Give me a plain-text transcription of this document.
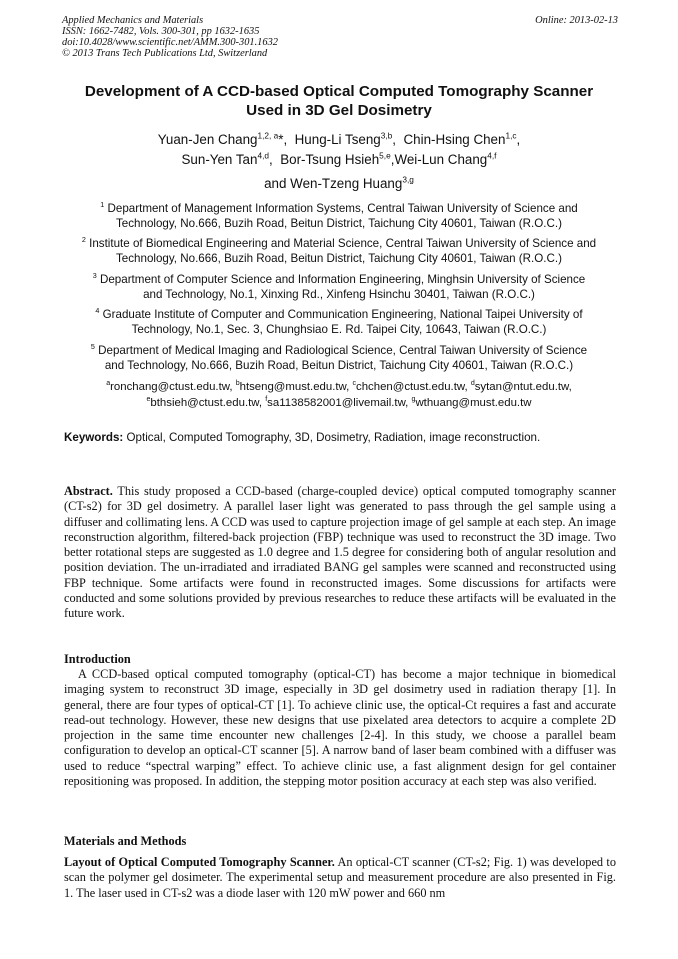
Applied Mechanics and Materials	Online: 2013-02-13
ISSN: 1662-7482, Vols. 300-301, pp 1632-1635
doi:10.4028/www.scientific.net/AMM.300-301.1632
© 2013 Trans Tech Publications Ltd, Switzerland
Development of A CCD-based Optical Computed Tomography Scanner
Used in 3D Gel Dosimetry
Yuan-Jen Chang$^{1,2, a}$*, Hung-Li Tseng$^{3,b}$, Chin-Hsing Chen$^{1,c}$,
Sun-Yen Tan$^{4,d}$, Bor-Tsung Hsieh$^{5,e}$,Wei-Lun Chang$^{4,f}$
and Wen-Tzeng Huang$^{3,g}$
$^1$ Department of Management Information Systems, Central Taiwan University of Science and
Technology, No.666, Buzih Road, Beitun District, Taichung City 40601, Taiwan (R.O.C.)
$^2$ Institute of Biomedical Engineering and Material Science, Central Taiwan University of Science and
Technology, No.666, Buzih Road, Beitun District, Taichung City 40601, Taiwan (R.O.C.)
$^3$ Department of Computer Science and Information Engineering, Minghsin University of Science
and Technology, No.1, Xinxing Rd., Xinfeng Hsinchu 30401, Taiwan (R.O.C.)
$^4$ Graduate Institute of Computer and Communication Engineering, National Taipei University of
Technology, No.1, Sec. 3, Chunghsiao E. Rd. Taipei City, 10643, Taiwan (R.O.C.)
$^5$ Department of Medical Imaging and Radiological Science, Central Taiwan University of Science
and Technology, No.666, Buzih Road, Beitun District, Taichung City 40601, Taiwan (R.O.C.)
$^a$ronchang@ctust.edu.tw, $^b$htseng@must.edu.tw, $^c$chchen@ctust.edu.tw, $^d$sytan@ntut.edu.tw,
$^e$bthsieh@ctust.edu.tw, $^f$sa1138582001@livemail.tw, $^g$wthuang@must.edu.tw
Keywords: Optical, Computed Tomography, 3D, Dosimetry, Radiation, image reconstruction.
Abstract. This study proposed a CCD-based (charge-coupled device) optical computed tomography scanner (CT-s2) for 3D gel dosimetry. A parallel laser light was generated to pass through the gel sample using a diffuser and collimating lens. A CCD was used to capture projection image of gel sample at each step. An image reconstruction algorithm, filtered-back projection (FBP) technique was used to reconstruct the 3D image. Two better rotational steps are suggested as 1.0 degree and 1.5 degree for considering both of angular resolution and position deviation. The un-irradiated and irradiated BANG gel samples were scanned and reconstructed using FBP technique. Some artifacts were found in reconstructed images. Some discussions for artifacts were conducted and some solutions provided by previous researches to reduce these artifacts will be evaluated in the future work.
Introduction
A CCD-based optical computed tomography (optical-CT) has become a major technique in biomedical imaging system to reconstruct 3D image, especially in 3D gel dosimetry used in radiation therapy [1]. In general, there are four types of optical-CT [1]. To achieve clinic use, the optical-Ct requires a fast and accurate read-out technology. However, these new designs that use pixelated area detectors to acquire a complete 2D projection in the same time encounter new challenges [2-4]. In this study, we choose a parallel beam configuration to develop an optical-CT scanner [5]. A narrow band of laser beam combined with a diffuser was used to reduce “spectral warping” effect. To achieve clinic use, a fast alignment design for gel container repositioning was proposed. In addition, the stepping motor position accuracy at each step was also verified.
Materials and Methods
Layout of Optical Computed Tomography Scanner. An optical-CT scanner (CT-s2; Fig. 1) was developed to scan the polymer gel dosimeter. The experimental setup and measurement procedure are also presented in Fig. 1. The laser used in CT-s2 was a diode laser with 120 mW power and 660 nm
